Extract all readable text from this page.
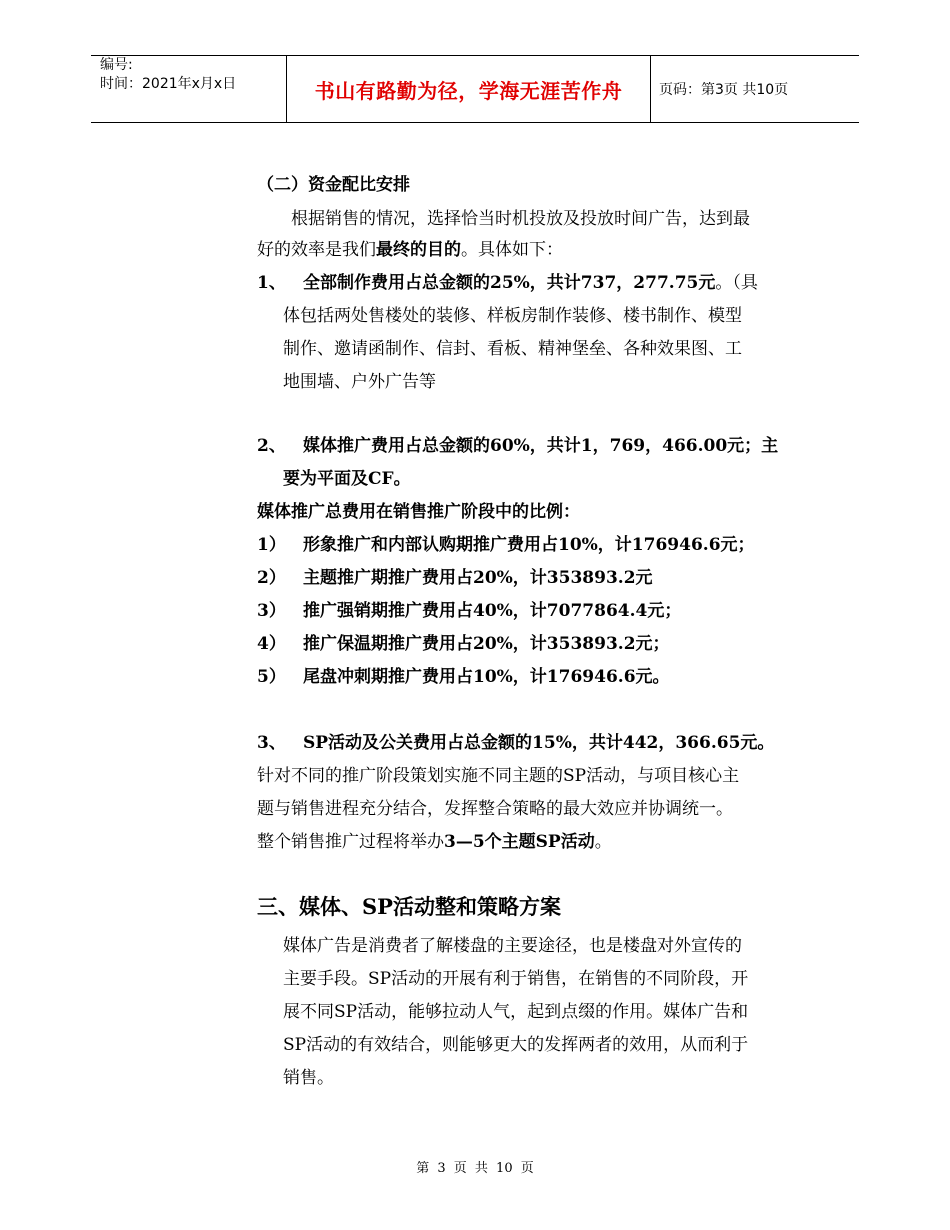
编号:
时间：2021年x月x日	书山有路勤为径，学海无涯苦作舟	页码：第3页 共10页
（二）资金配比安排
根据销售的情况，选择恰当时机投放及投放时间广告，达到最
好的效率是我们最终的目的。具体如下：
1、 全部制作费用占总金额的25%，共计737，277.75元。（具
体包括两处售楼处的装修、样板房制作装修、楼书制作、模型
制作、邀请函制作、信封、看板、精神堡垒、各种效果图、工
地围墙、户外广告等
2、 媒体推广费用占总金额的60%，共计1，769，466.00元；主
要为平面及CF。
媒体推广总费用在销售推广阶段中的比例：
1） 形象推广和内部认购期推广费用占10%，计176946.6元；
2） 主题推广期推广费用占20%，计353893.2元
3） 推广强销期推广费用占40%，计7077864.4元；
4） 推广保温期推广费用占20%，计353893.2元；
5） 尾盘冲刺期推广费用占10%，计176946.6元。
3、 SP活动及公关费用占总金额的15%，共计442，366.65元。
针对不同的推广阶段策划实施不同主题的SP活动，与项目核心主
题与销售进程充分结合，发挥整合策略的最大效应并协调统一。
整个销售推广过程将举办3—5个主题SP活动。
三、媒体、SP活动整和策略方案
媒体广告是消费者了解楼盘的主要途径，也是楼盘对外宣传的
主要手段。SP活动的开展有利于销售，在销售的不同阶段，开
展不同SP活动，能够拉动人气，起到点缀的作用。媒体广告和
SP活动的有效结合，则能够更大的发挥两者的效用，从而利于
销售。
第 3 页 共 10 页
